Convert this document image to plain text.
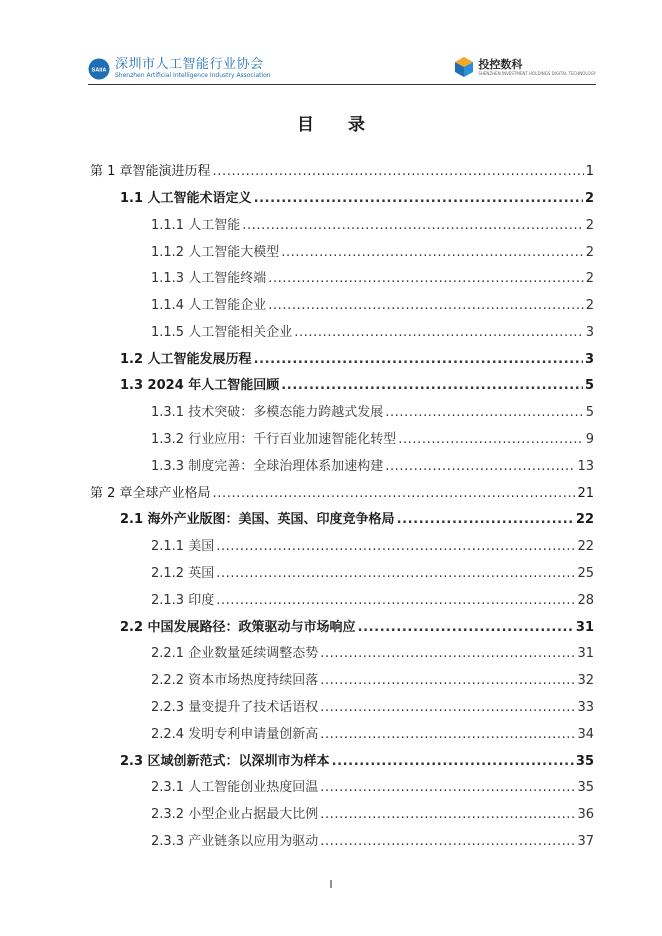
SAIIA 深圳市人工智能行业协会
Shenzhen Artificial Intelligence Industry Association
投控数科
SHENZHEN INVESTMENT HOLDINGS DIGITAL TECHNOLOGY
目 录
第 1 章智能演进历程 .....	1
1.1 人工智能术语定义 .....	2
1.1.1 人工智能 .....	2
1.1.2 人工智能大模型 .....	2
1.1.3 人工智能终端 .....	2
1.1.4 人工智能企业 .....	2
1.1.5 人工智能相关企业 .....	3
1.2 人工智能发展历程 .....	3
1.3 2024 年人工智能回顾 .....	5
1.3.1 技术突破：多模态能力跨越式发展 .....	5
1.3.2 行业应用：千行百业加速智能化转型 .....	9
1.3.3 制度完善：全球治理体系加速构建 .....	13
第 2 章全球产业格局 .....	21
2.1 海外产业版图：美国、英国、印度竞争格局 .....	22
2.1.1 美国 .....	22
2.1.2 英国 .....	25
2.1.3 印度 .....	28
2.2 中国发展路径：政策驱动与市场响应 .....	31
2.2.1 企业数量延续调整态势 .....	31
2.2.2 资本市场热度持续回落 .....	32
2.2.3 量变提升了技术话语权 .....	33
2.2.4 发明专利申请量创新高 .....	34
2.3 区域创新范式：以深圳市为样本 .....	35
2.3.1 人工智能创业热度回温 .....	35
2.3.2 小型企业占据最大比例 .....	36
2.3.3 产业链条以应用为驱动 .....	37
I
